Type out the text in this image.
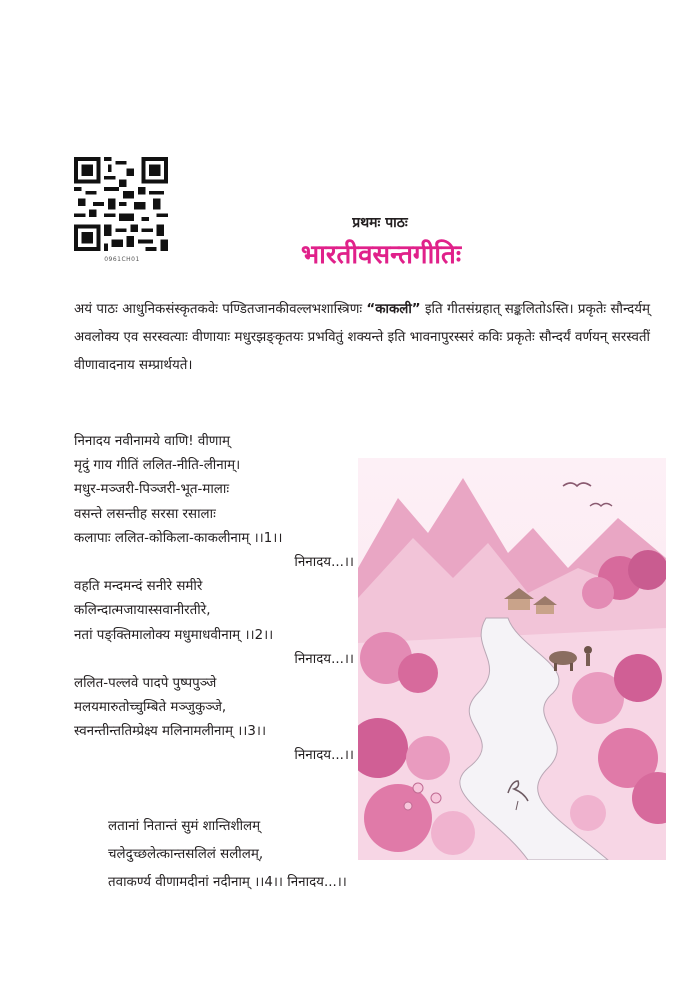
0961CH01
प्रथमः पाठः
भारतीवसन्तगीतिः
अयं पाठः आधुनिकसंस्कृतकवेः पण्डितजानकीवल्लभशास्त्रिणः “काकली” इति गीतसंग्रहात् सङ्कलितोऽस्ति। प्रकृतेः सौन्दर्यम् अवलोक्य एव सरस्वत्याः वीणायाः मधुरझङ्कृतयः प्रभवितुं शक्यन्ते इति भावनापुरस्सरं कविः प्रकृतेः सौन्दर्यं वर्णयन् सरस्वतीं वीणावादनाय सम्प्रार्थयते।
निनादय नवीनामये वाणि! वीणाम्
मृदुं गाय गीतिं ललित-नीति-लीनाम्।
मधुर-मञ्जरी-पिञ्जरी-भूत-मालाः
वसन्ते लसन्तीह सरसा रसालाः
कलापाः ललित-कोकिला-काकलीनाम् ।।1।।
निनादय...।।
वहति मन्दमन्दं सनीरे समीरे
कलिन्दात्मजायास्सवानीरतीरे,
नतां पङ्क्तिमालोक्य मधुमाधवीनाम् ।।2।।
निनादय...।।
ललित-पल्लवे पादपे पुष्पपुञ्जे
मलयमारुतोच्चुम्बिते मञ्जुकुञ्जे,
स्वनन्तीन्ततिम्प्रेक्ष्य मलिनामलीनाम् ।।3।।
निनादय...।।
लतानां नितान्तं सुमं शान्तिशीलम्
चलेदुच्छलेत्कान्तसलिलं सलीलम्,
तवाकर्ण्य वीणामदीनां नदीनाम् ।।4।। निनादय...।।
